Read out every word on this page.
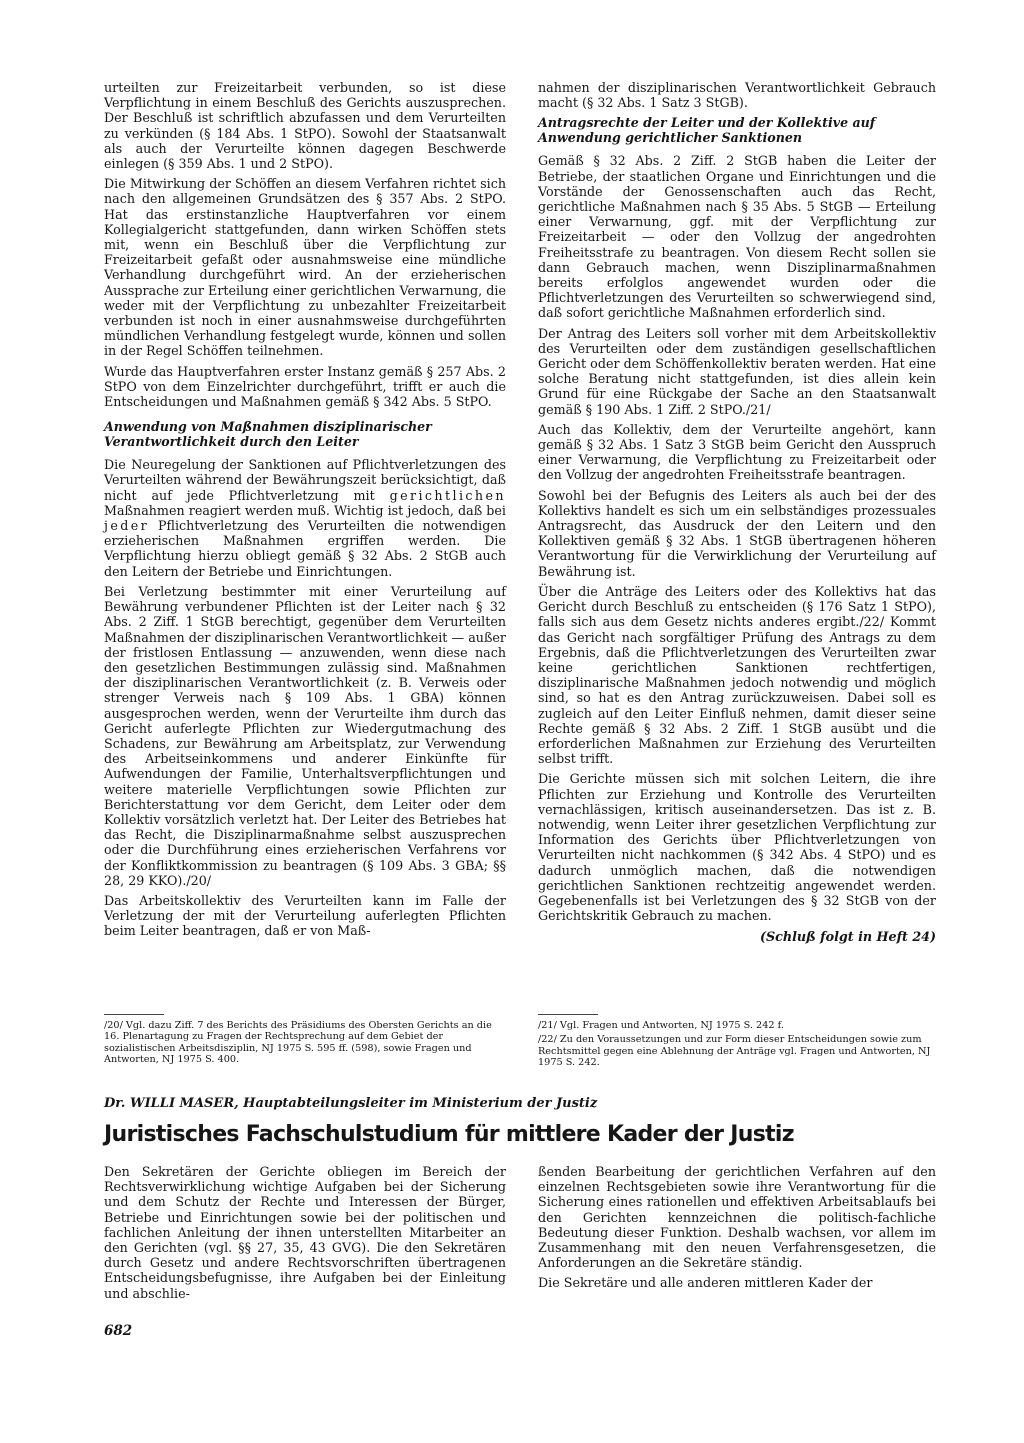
urteilten zur Freizeitarbeit verbunden, so ist diese Verpflichtung in einem Beschluß des Gerichts auszusprechen. Der Beschluß ist schriftlich abzufassen und dem Verurteilten zu verkünden (§ 184 Abs. 1 StPO). Sowohl der Staatsanwalt als auch der Verurteilte können dagegen Beschwerde einlegen (§ 359 Abs. 1 und 2 StPO).

Die Mitwirkung der Schöffen an diesem Verfahren richtet sich nach den allgemeinen Grundsätzen des § 357 Abs. 2 StPO. Hat das erstinstanzliche Hauptverfahren vor einem Kollegialgericht stattgefunden, dann wirken Schöffen stets mit, wenn ein Beschluß über die Verpflichtung zur Freizeitarbeit gefaßt oder ausnahmsweise eine mündliche Verhandlung durchgeführt wird. An der erzieherischen Aussprache zur Erteilung einer gerichtlichen Verwarnung, die weder mit der Verpflichtung zu unbezahlter Freizeitarbeit verbunden ist noch in einer ausnahmsweise durchgeführten mündlichen Verhandlung festgelegt wurde, können und sollen in der Regel Schöffen teilnehmen.

Wurde das Hauptverfahren erster Instanz gemäß § 257 Abs. 2 StPO von dem Einzelrichter durchgeführt, trifft er auch die Entscheidungen und Maßnahmen gemäß § 342 Abs. 5 StPO.

Anwendung von Maßnahmen disziplinarischer Verantwortlichkeit durch den Leiter

Die Neuregelung der Sanktionen auf Pflichtverletzungen des Verurteilten während der Bewährungszeit berücksichtigt, daß nicht auf jede Pflichtverletzung mit gerichtlichen Maßnahmen reagiert werden muß. Wichtig ist jedoch, daß bei jeder Pflichtverletzung des Verurteilten die notwendigen erzieherischen Maßnahmen ergriffen werden. Die Verpflichtung hierzu obliegt gemäß § 32 Abs. 2 StGB auch den Leitern der Betriebe und Einrichtungen.

Bei Verletzung bestimmter mit einer Verurteilung auf Bewährung verbundener Pflichten ist der Leiter nach § 32 Abs. 2 Ziff. 1 StGB berechtigt, gegenüber dem Verurteilten Maßnahmen der disziplinarischen Verantwortlichkeit — außer der fristlosen Entlassung — anzuwenden, wenn diese nach den gesetzlichen Bestimmungen zulässig sind. Maßnahmen der disziplinarischen Verantwortlichkeit (z. B. Verweis oder strenger Verweis nach § 109 Abs. 1 GBA) können ausgesprochen werden, wenn der Verurteilte ihm durch das Gericht auferlegte Pflichten zur Wiedergutmachung des Schadens, zur Bewährung am Arbeitsplatz, zur Verwendung des Arbeitseinkommens und anderer Einkünfte für Aufwendungen der Familie, Unterhaltsverpflichtungen und weitere materielle Verpflichtungen sowie Pflichten zur Berichterstattung vor dem Gericht, dem Leiter oder dem Kollektiv vorsätzlich verletzt hat. Der Leiter des Betriebes hat das Recht, die Disziplinarmaßnahme selbst auszusprechen oder die Durchführung eines erzieherischen Verfahrens vor der Konfliktkommission zu beantragen (§ 109 Abs. 3 GBA; §§ 28, 29 KKO)./20/

Das Arbeitskollektiv des Verurteilten kann im Falle der Verletzung der mit der Verurteilung auferlegten Pflichten beim Leiter beantragen, daß er von Maß-

/20/ Vgl. dazu Ziff. 7 des Berichts des Präsidiums des Obersten Gerichts an die 16. Plenartagung zu Fragen der Rechtsprechung auf dem Gebiet der sozialistischen Arbeitsdisziplin, NJ 1975 S. 595 ff. (598), sowie Fragen und Antworten, NJ 1975 S. 400.

nahmen der disziplinarischen Verantwortlichkeit Gebrauch macht (§ 32 Abs. 1 Satz 3 StGB).

Antragsrechte der Leiter und der Kollektive auf Anwendung gerichtlicher Sanktionen

Gemäß § 32 Abs. 2 Ziff. 2 StGB haben die Leiter der Betriebe, der staatlichen Organe und Einrichtungen und die Vorstände der Genossenschaften auch das Recht, gerichtliche Maßnahmen nach § 35 Abs. 5 StGB — Erteilung einer Verwarnung, ggf. mit der Verpflichtung zur Freizeitarbeit — oder den Vollzug der angedrohten Freiheitsstrafe zu beantragen. Von diesem Recht sollen sie dann Gebrauch machen, wenn Disziplinarmaßnahmen bereits erfolglos angewendet wurden oder die Pflichtverletzungen des Verurteilten so schwerwiegend sind, daß sofort gerichtliche Maßnahmen erforderlich sind.

Der Antrag des Leiters soll vorher mit dem Arbeitskollektiv des Verurteilten oder dem zuständigen gesellschaftlichen Gericht oder dem Schöffenkollektiv beraten werden. Hat eine solche Beratung nicht stattgefunden, ist dies allein kein Grund für eine Rückgabe der Sache an den Staatsanwalt gemäß § 190 Abs. 1 Ziff. 2 StPO./21/

Auch das Kollektiv, dem der Verurteilte angehört, kann gemäß § 32 Abs. 1 Satz 3 StGB beim Gericht den Ausspruch einer Verwarnung, die Verpflichtung zu Freizeitarbeit oder den Vollzug der angedrohten Freiheitsstrafe beantragen.

Sowohl bei der Befugnis des Leiters als auch bei der des Kollektivs handelt es sich um ein selbständiges prozessuales Antragsrecht, das Ausdruck der den Leitern und den Kollektiven gemäß § 32 Abs. 1 StGB übertragenen höheren Verantwortung für die Verwirklichung der Verurteilung auf Bewährung ist.

Über die Anträge des Leiters oder des Kollektivs hat das Gericht durch Beschluß zu entscheiden (§ 176 Satz 1 StPO), falls sich aus dem Gesetz nichts anderes ergibt./22/ Kommt das Gericht nach sorgfältiger Prüfung des Antrags zu dem Ergebnis, daß die Pflichtverletzungen des Verurteilten zwar keine gerichtlichen Sanktionen rechtfertigen, disziplinarische Maßnahmen jedoch notwendig und möglich sind, so hat es den Antrag zurückzuweisen. Dabei soll es zugleich auf den Leiter Einfluß nehmen, damit dieser seine Rechte gemäß § 32 Abs. 2 Ziff. 1 StGB ausübt und die erforderlichen Maßnahmen zur Erziehung des Verurteilten selbst trifft.

Die Gerichte müssen sich mit solchen Leitern, die ihre Pflichten zur Erziehung und Kontrolle des Verurteilten vernachlässigen, kritisch auseinandersetzen. Das ist z. B. notwendig, wenn Leiter ihrer gesetzlichen Verpflichtung zur Information des Gerichts über Pflichtverletzungen von Verurteilten nicht nachkommen (§ 342 Abs. 4 StPO) und es dadurch unmöglich machen, daß die notwendigen gerichtlichen Sanktionen rechtzeitig angewendet werden. Gegebenenfalls ist bei Verletzungen des § 32 StGB von der Gerichtskritik Gebrauch zu machen.

(Schluß folgt in Heft 24)

/21/ Vgl. Fragen und Antworten, NJ 1975 S. 242 f.

/22/ Zu den Voraussetzungen und zur Form dieser Entscheidungen sowie zum Rechtsmittel gegen eine Ablehnung der Anträge vgl. Fragen und Antworten, NJ 1975 S. 242.

Dr. WILLI MASER, Hauptabteilungsleiter im Ministerium der Justiz
Juristisches Fachschulstudium für mittlere Kader der Justiz

Den Sekretären der Gerichte obliegen im Bereich der Rechtsverwirklichung wichtige Aufgaben bei der Sicherung und dem Schutz der Rechte und Interessen der Bürger, Betriebe und Einrichtungen sowie bei der politischen und fachlichen Anleitung der ihnen unterstellten Mitarbeiter an den Gerichten (vgl. §§ 27, 35, 43 GVG). Die den Sekretären durch Gesetz und andere Rechtsvorschriften übertragenen Entscheidungsbefugnisse, ihre Aufgaben bei der Einleitung und abschlie-

ßenden Bearbeitung der gerichtlichen Verfahren auf den einzelnen Rechtsgebieten sowie ihre Verantwortung für die Sicherung eines rationellen und effektiven Arbeitsablaufs bei den Gerichten kennzeichnen die politisch-fachliche Bedeutung dieser Funktion. Deshalb wachsen, vor allem im Zusammenhang mit den neuen Verfahrensgesetzen, die Anforderungen an die Sekretäre ständig.

Die Sekretäre und alle anderen mittleren Kader der

682
